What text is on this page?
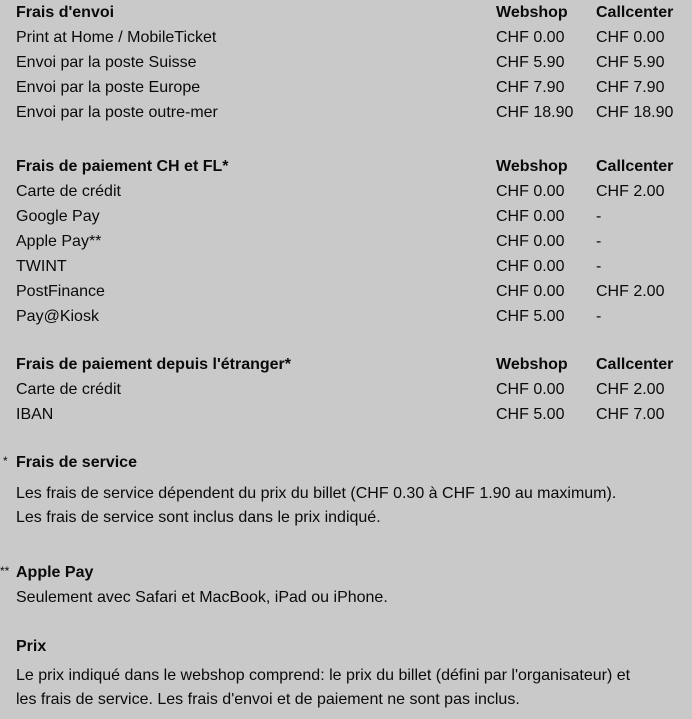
Frais d'envoi	Webshop	Callcenter
Print at Home / MobileTicket	CHF 0.00	CHF 0.00
Envoi par la poste Suisse	CHF 5.90	CHF 5.90
Envoi par la poste Europe	CHF 7.90	CHF 7.90
Envoi par la poste outre-mer	CHF 18.90	CHF 18.90
Frais de paiement CH et FL*	Webshop	Callcenter
Carte de crédit	CHF 0.00	CHF 2.00
Google Pay	CHF 0.00	-
Apple Pay**	CHF 0.00	-
TWINT	CHF 0.00	-
PostFinance	CHF 0.00	CHF 2.00
Pay@Kiosk	CHF 5.00	-
Frais de paiement depuis l'étranger*	Webshop	Callcenter
Carte de crédit	CHF 0.00	CHF 2.00
IBAN	CHF 5.00	CHF 7.00
* Frais de service
Les frais de service dépendent du prix du billet (CHF 0.30 à CHF 1.90 au maximum).
Les frais de service sont inclus dans le prix indiqué.
** Apple Pay
Seulement avec Safari et MacBook, iPad ou iPhone.
Prix
Le prix indiqué dans le webshop comprend: le prix du billet (défini par l'organisateur) et
les frais de service. Les frais d'envoi et de paiement ne sont pas inclus.
